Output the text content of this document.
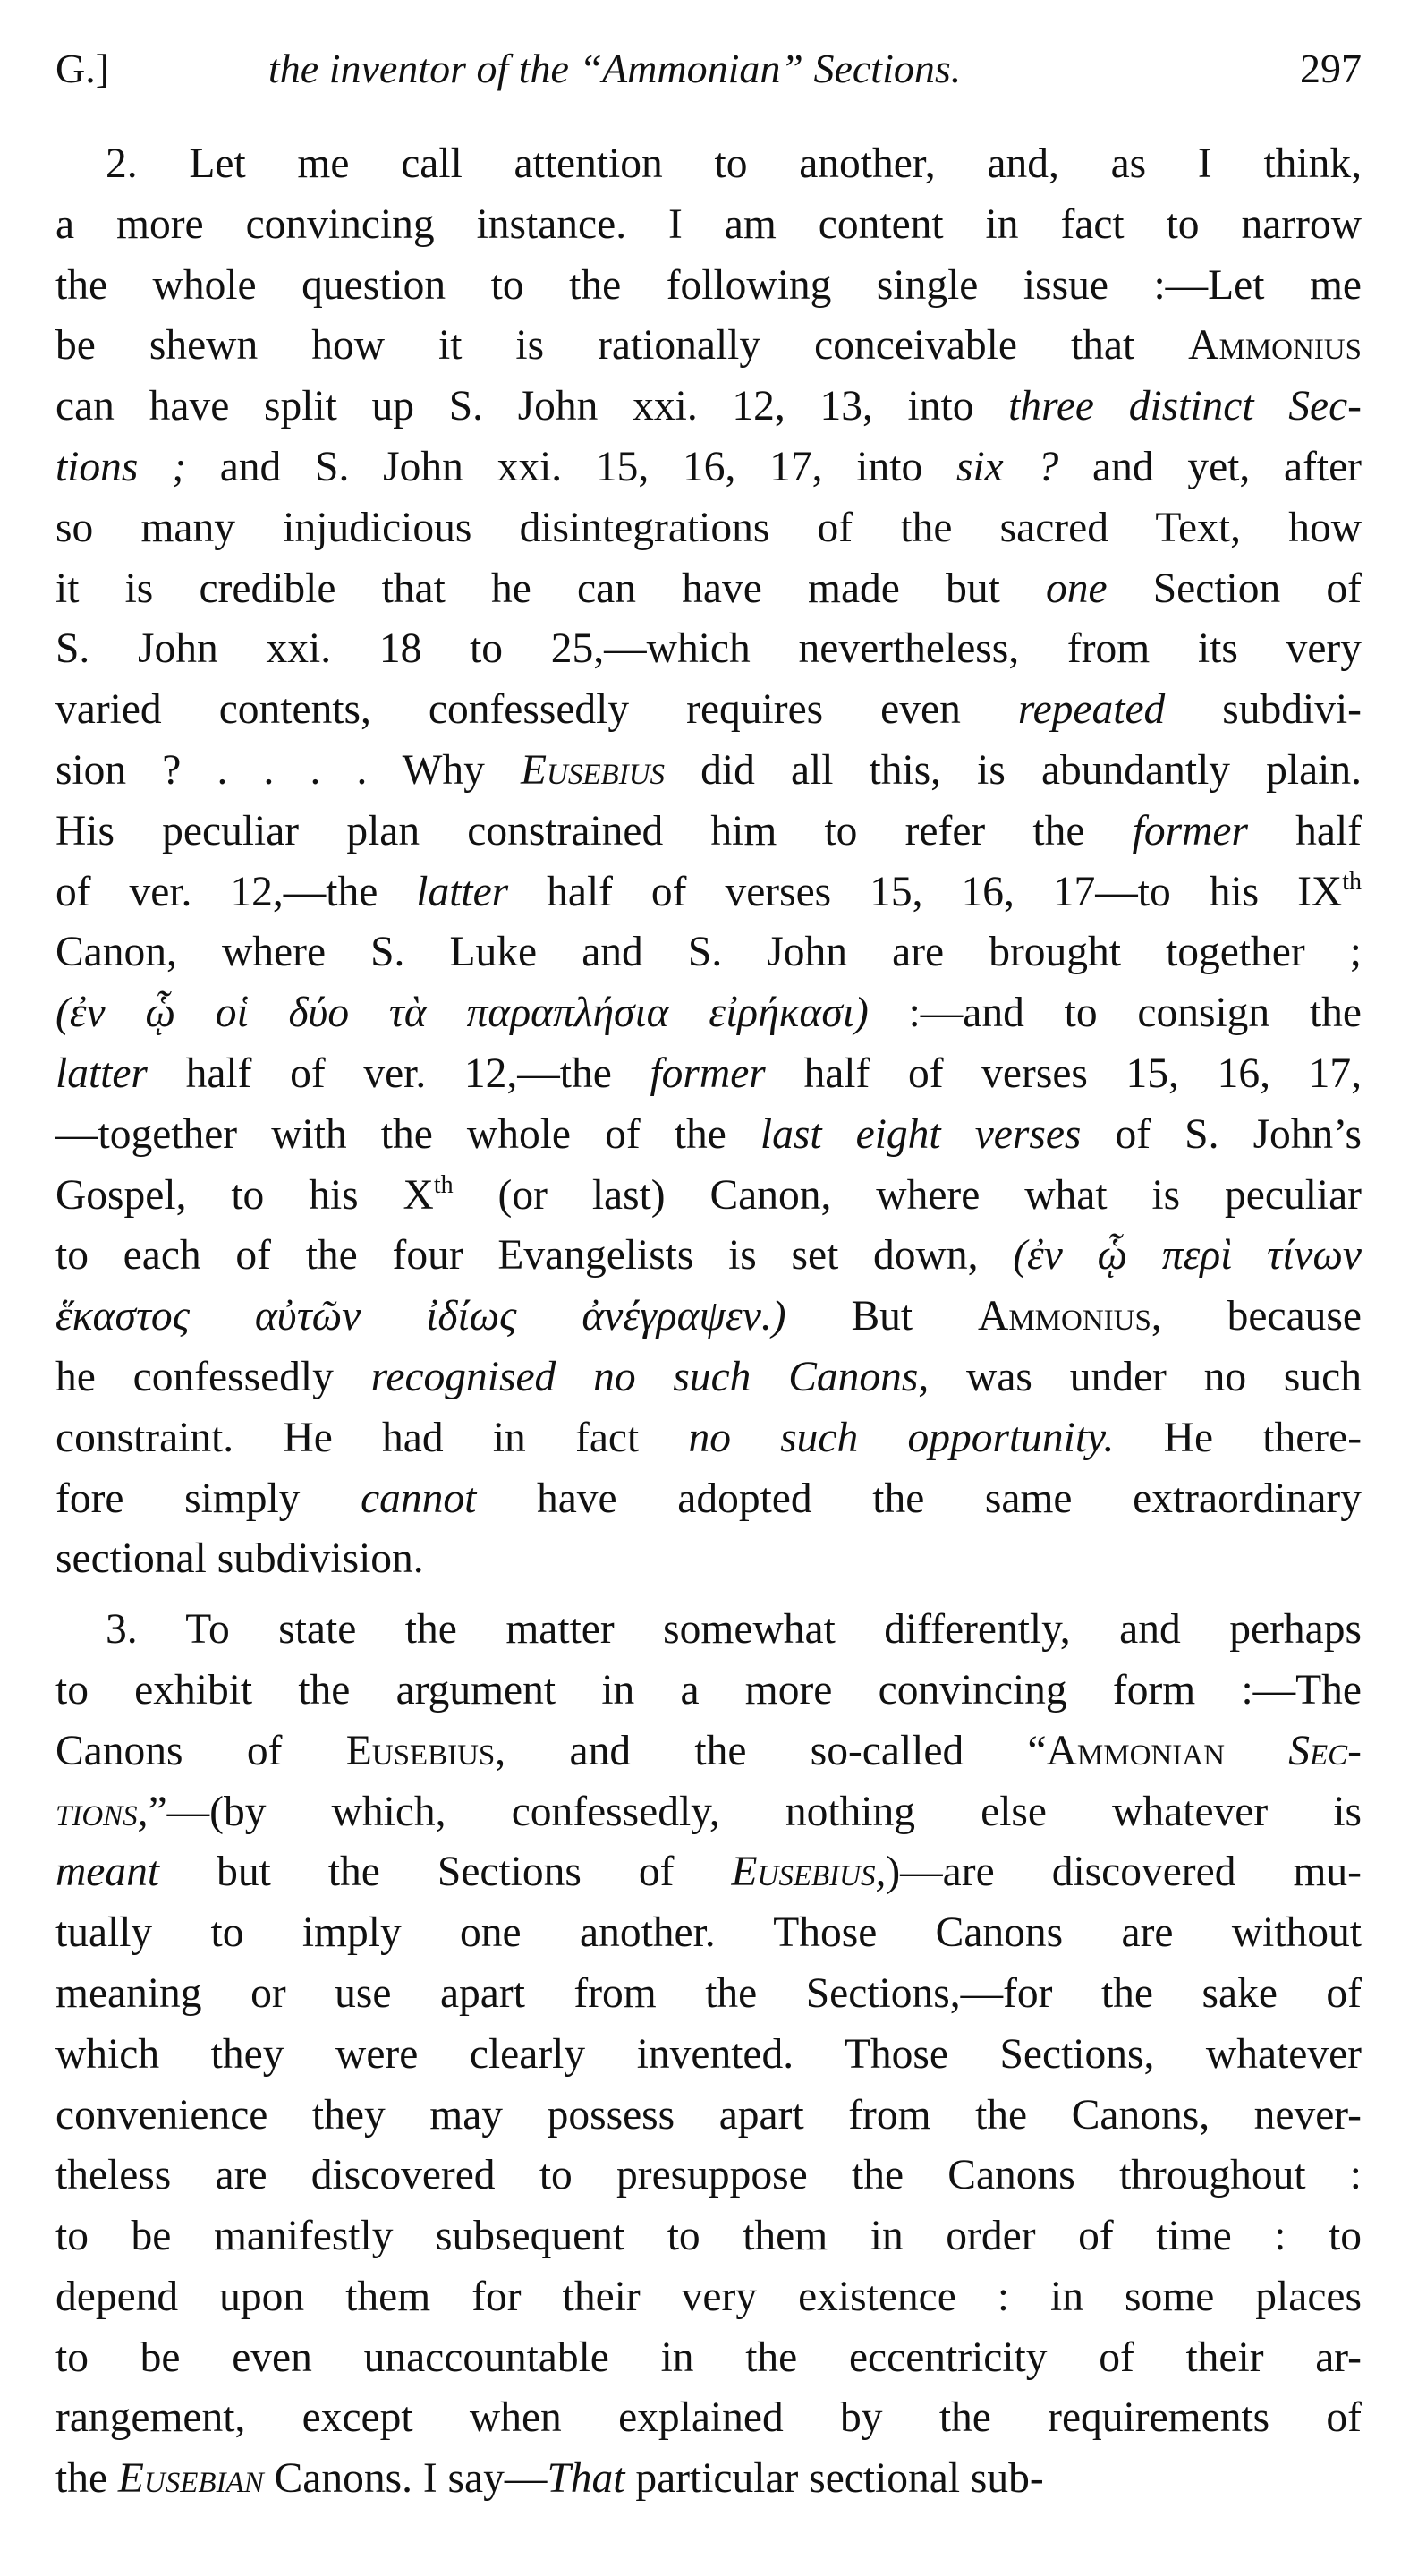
G.]	the inventor of the “Ammonian” Sections.	297
2. Let me call attention to another, and, as I think,
a more convincing instance. I am content in fact to narrow
the whole question to the following single issue :—Let me
be shewn how it is rationally conceivable that Ammonius
can have split up S. John xxi. 12, 13, into three distinct Sec-
tions ; and S. John xxi. 15, 16, 17, into six ? and yet, after
so many injudicious disintegrations of the sacred Text, how
it is credible that he can have made but one Section of
S. John xxi. 18 to 25,—which nevertheless, from its very
varied contents, confessedly requires even repeated subdivi-
sion ? . . . . Why Eusebius did all this, is abundantly plain.
His peculiar plan constrained him to refer the former half
of ver. 12,—the latter half of verses 15, 16, 17—to his IXth
Canon, where S. Luke and S. John are brought together ;
(ἐν ᾧ οἱ δύο τὰ παραπλήσια εἰρήκασι) :—and to consign the
latter half of ver. 12,—the former half of verses 15, 16, 17,
—together with the whole of the last eight verses of S. John’s
Gospel, to his Xth (or last) Canon, where what is peculiar
to each of the four Evangelists is set down, (ἐν ᾧ περὶ τίνων
ἕκαστος αὐτῶν ἰδίως ἀνέγραψεν.) But Ammonius, because
he confessedly recognised no such Canons, was under no such
constraint. He had in fact no such opportunity. He there-
fore simply cannot have adopted the same extraordinary
sectional subdivision.
3. To state the matter somewhat differently, and perhaps
to exhibit the argument in a more convincing form :—The
Canons of Eusebius, and the so-called “Ammonian Sec-
tions,”—(by which, confessedly, nothing else whatever is
meant but the Sections of Eusebius,)—are discovered mu-
tually to imply one another. Those Canons are without
meaning or use apart from the Sections,—for the sake of
which they were clearly invented. Those Sections, whatever
convenience they may possess apart from the Canons, never-
theless are discovered to presuppose the Canons throughout :
to be manifestly subsequent to them in order of time : to
depend upon them for their very existence : in some places
to be even unaccountable in the eccentricity of their ar-
rangement, except when explained by the requirements of
the Eusebian Canons. I say—That particular sectional sub-
